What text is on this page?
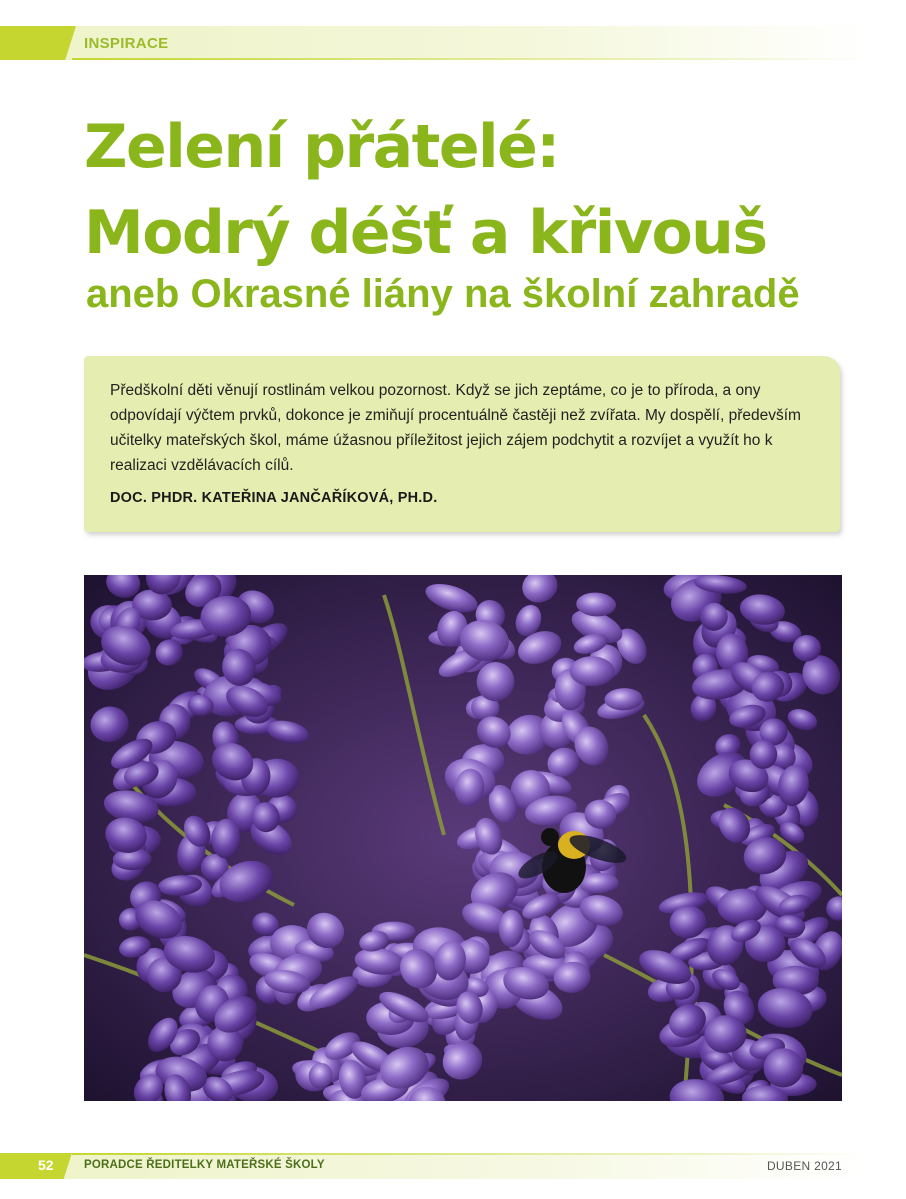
INSPIRACE
Zelení přátelé:
Modrý déšť a křivouš
aneb Okrasné liány na školní zahradě

Předškolní děti věnují rostlinám velkou pozornost. Když se jich zeptáme, co je to příroda, a ony odpovídají výčtem prvků, dokonce je zmiňují procentuálně častěji než zvířata. My dospělí, především učitelky mateřských škol, máme úžasnou příležitost jejich zájem podchytit a rozvíjet a využít ho k realizaci vzdělávacích cílů.

DOC. PHDR. KATEŘINA JANČAŘÍKOVÁ, PH.D.
52	PORADCE ŘEDITELKY MATEŘSKÉ ŠKOLY	DUBEN 2021
